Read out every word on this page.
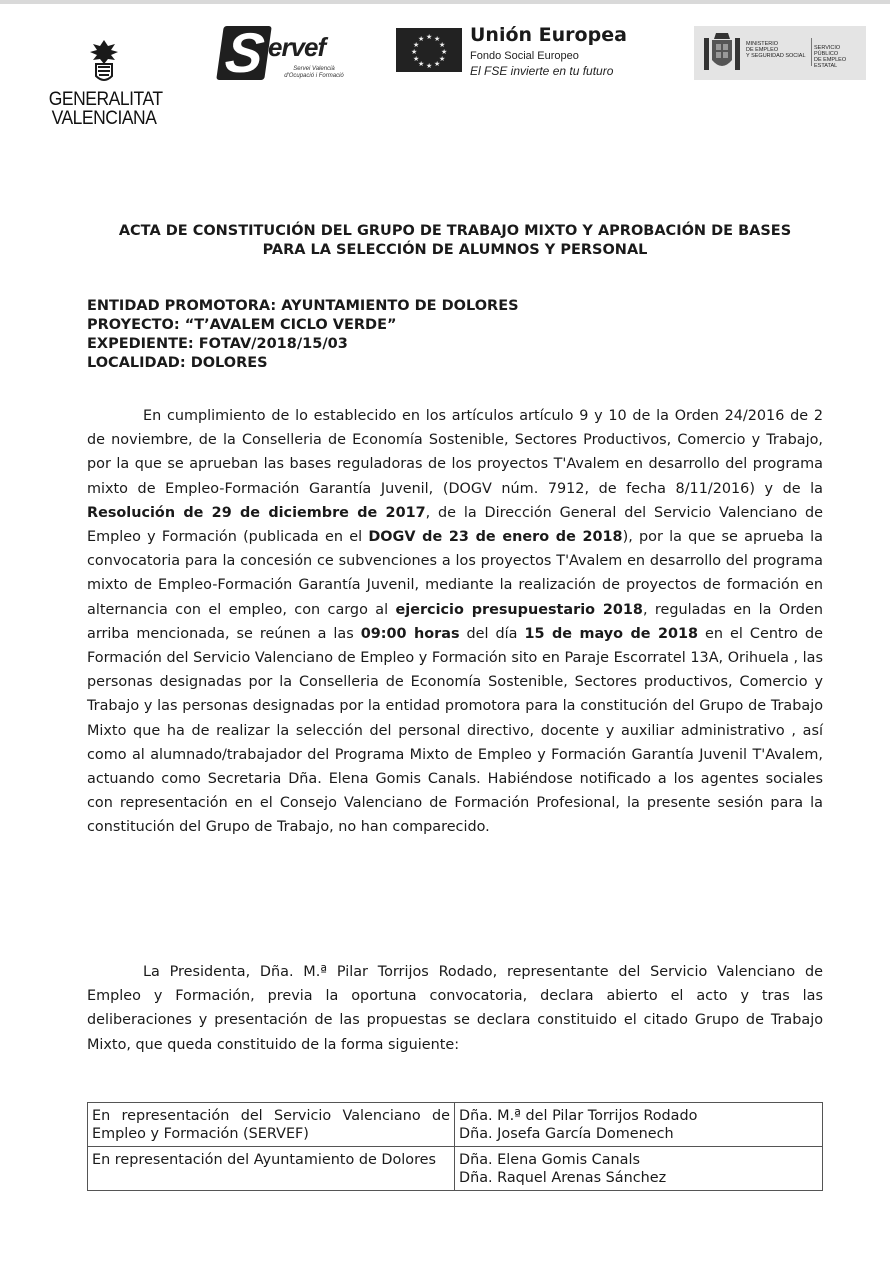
GENERALITAT
VALENCIANA
S ervef
Servei Valencià
d'Ocupació i Formació
★ ★
★
★
★
★
★
★
★
★
★
★ Unión Europea
Fondo Social Europeo
El FSE invierte en tu futuro
MINISTERIO
DE EMPLEO
Y SEGURIDAD SOCIAL
SERVICIO PÚBLICO
DE EMPLEO ESTATAL
ACTA DE CONSTITUCIÓN DEL GRUPO DE TRABAJO MIXTO Y APROBACIÓN DE BASES
PARA LA SELECCIÓN DE ALUMNOS Y PERSONAL
ENTIDAD PROMOTORA: AYUNTAMIENTO DE DOLORES
PROYECTO: “T’AVALEM CICLO VERDE”
EXPEDIENTE: FOTAV/2018/15/03
LOCALIDAD: DOLORES

En cumplimiento de lo establecido en los artículos artículo 9 y 10 de la Orden 24/2016 de 2 de noviembre, de la Conselleria de Economía Sostenible, Sectores Productivos, Comercio y Trabajo, por la que se aprueban las bases reguladoras de los proyectos T'Avalem en desarrollo del programa mixto de Empleo-Formación Garantía Juvenil, (DOGV núm. 7912, de fecha 8/11/2016) y de la Resolución de 29 de diciembre de 2017, de la Dirección General del Servicio Valenciano de Empleo y Formación (publicada en el DOGV de 23 de enero de 2018), por la que se aprueba la convocatoria para la concesión ce subvenciones a los proyectos T'Avalem en desarrollo del programa mixto de Empleo-Formación Garantía Juvenil, mediante la realización de proyectos de formación en alternancia con el empleo, con cargo al ejercicio presupuestario 2018, reguladas en la Orden arriba mencionada, se reúnen a las 09:00 horas del día 15 de mayo de 2018 en el Centro de Formación del Servicio Valenciano de Empleo y Formación sito en Paraje Escorratel 13A, Orihuela , las personas designadas por la Conselleria de Economía Sostenible, Sectores productivos, Comercio y Trabajo y las personas designadas por la entidad promotora para la constitución del Grupo de Trabajo Mixto que ha de realizar la selección del personal directivo, docente y auxiliar administrativo , así como al alumnado/trabajador del Programa Mixto de Empleo y Formación Garantía Juvenil T'Avalem, actuando como Secretaria Dña. Elena Gomis Canals. Habiéndose notificado a los agentes sociales con representación en el Consejo Valenciano de Formación Profesional, la presente sesión para la constitución del Grupo de Trabajo, no han comparecido.

La Presidenta, Dña. M.ª Pilar Torrijos Rodado, representante del Servicio Valenciano de Empleo y Formación, previa la oportuna convocatoria, declara abierto el acto y tras las deliberaciones y presentación de las propuestas se declara constituido el citado Grupo de Trabajo Mixto, que queda constituido de la forma siguiente:

En representación del Servicio Valenciano de Empleo y Formación (SERVEF)	Dña. M.ª del Pilar Torrijos Rodado
Dña. Josefa García Domenech

En representación del Ayuntamiento de Dolores	Dña. Elena Gomis Canals
Dña. Raquel Arenas Sánchez
